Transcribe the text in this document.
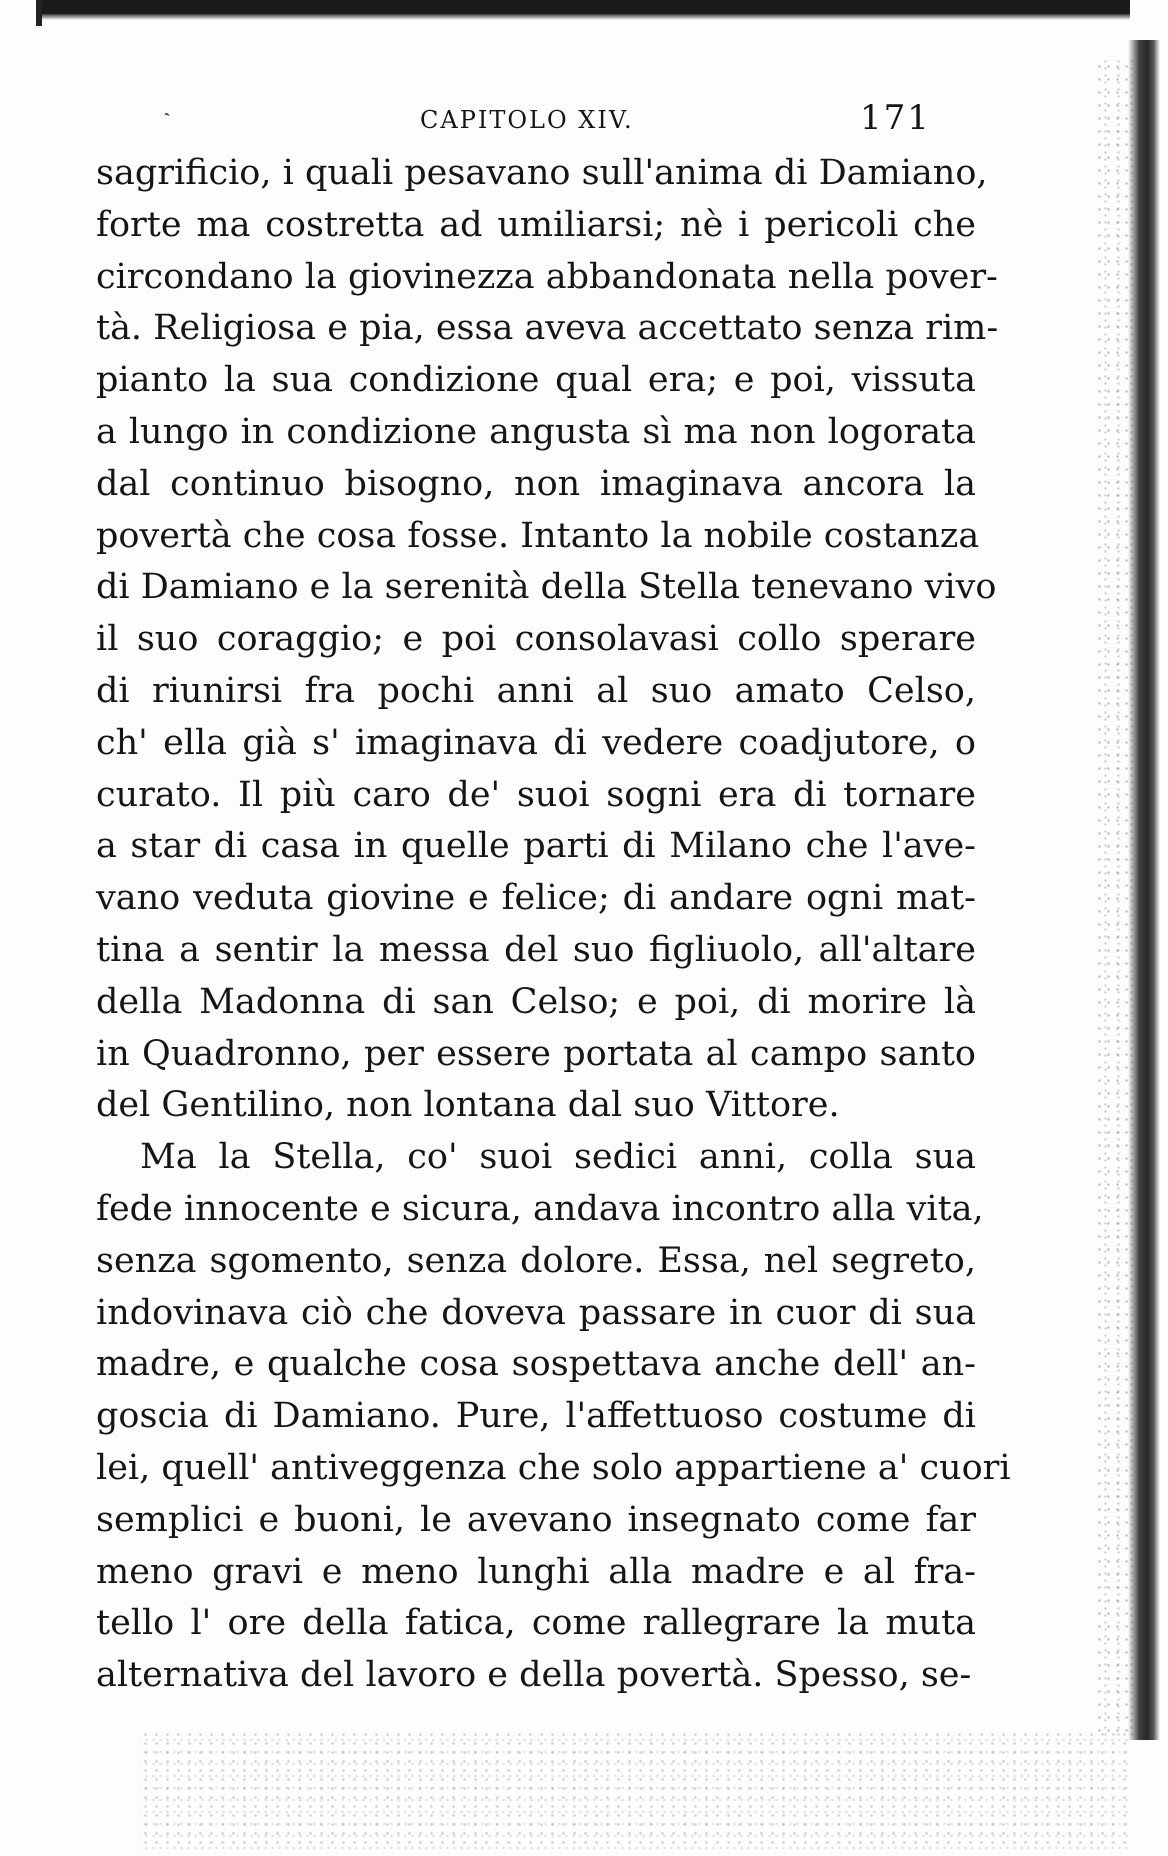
ˎ
CAPITOLO XIV.	171
sagrificio, i quali pesavano sull'anima di Damiano,
forte ma costretta ad umiliarsi; nè i pericoli che
circondano la giovinezza abbandonata nella pover-
tà. Religiosa e pia, essa aveva accettato senza rim-
pianto la sua condizione qual era; e poi, vissuta
a lungo in condizione angusta sì ma non logorata
dal continuo bisogno, non imaginava ancora la
povertà che cosa fosse. Intanto la nobile costanza
di Damiano e la serenità della Stella tenevano vivo
il suo coraggio; e poi consolavasi collo sperare
di riunirsi fra pochi anni al suo amato Celso,
ch' ella già s' imaginava di vedere coadjutore, o
curato. Il più caro de' suoi sogni era di tornare
a star di casa in quelle parti di Milano che l'ave-
vano veduta giovine e felice; di andare ogni mat-
tina a sentir la messa del suo figliuolo, all'altare
della Madonna di san Celso; e poi, di morire là
in Quadronno, per essere portata al campo santo
del Gentilino, non lontana dal suo Vittore.
Ma la Stella, co' suoi sedici anni, colla sua
fede innocente e sicura, andava incontro alla vita,
senza sgomento, senza dolore. Essa, nel segreto,
indovinava ciò che doveva passare in cuor di sua
madre, e qualche cosa sospettava anche dell' an-
goscia di Damiano. Pure, l'affettuoso costume di
lei, quell' antiveggenza che solo appartiene a' cuori
semplici e buoni, le avevano insegnato come far
meno gravi e meno lunghi alla madre e al fra-
tello l' ore della fatica, come rallegrare la muta
alternativa del lavoro e della povertà. Spesso, se-
